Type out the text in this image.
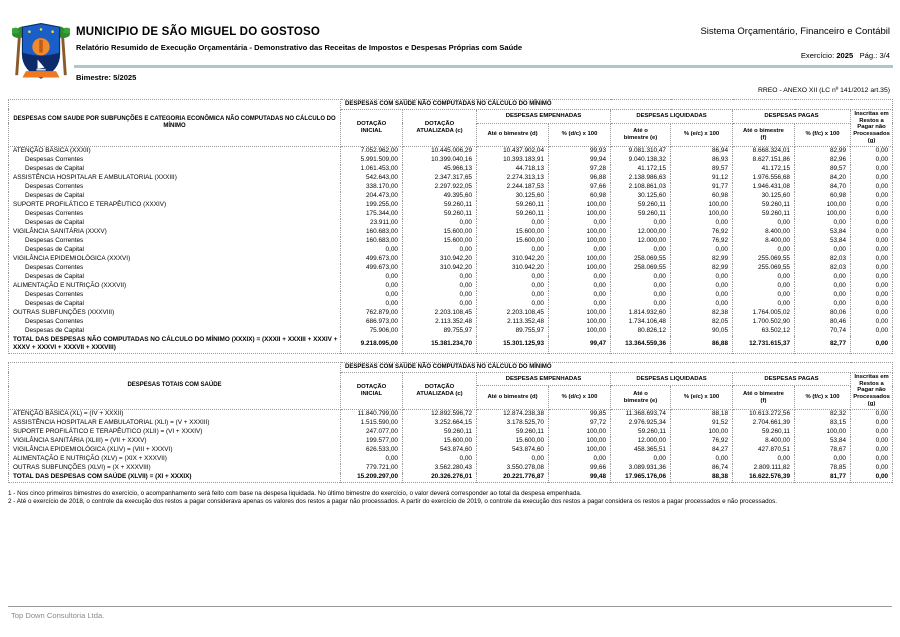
MUNICIPIO DE SÃO MIGUEL DO GOSTOSO
Relatório Resumido de Execução Orçamentária - Demonstrativo das Receitas de Impostos e Despesas Próprias com Saúde
Sistema Orçamentário, Financeiro e Contábil
Exercício: 2025 Pág.: 3/4
Bimestre: 5/2025
RREO - ANEXO XII (LC nº 141/2012 art.35)
DESPESAS COM SAUDE POR SUBFUNÇÕES E CATEGORIA ECONÔMICA NÃO COMPUTADAS NO CÁLCULO DO MÍNIMO	DESPESAS COM SAÚDE NÃO COMPUTADAS NO CÁLCULO DO MÍNIMO								
	DOTAÇÃO INICIAL	DOTAÇÃO ATUALIZADA (c)	DESPESAS EMPENHADAS		DESPESAS LIQUIDADAS		DESPESAS PAGAS		Inscritas em Restos a Pagar não Processados (g)
			Até o bimestre (d)	% (d/c) x 100	Até o bimestre (e)	% (e/c) x 100	Até o bimestre (f)	% (f/c) x 100	
ATENÇÃO BÁSICA (XXXII)	7.052.962,00	10.445.006,29	10.437.902,04	99,93	9.081.310,47	86,94	8.668.324,01	82,99	0,00
Despesas Correntes	5.991.509,00	10.399.040,16	10.393.183,91	99,94	9.040.138,32	86,93	8.627.151,86	82,96	0,00
Despesas de Capital	1.061.453,00	45.966,13	44.718,13	97,28	41.172,15	89,57	41.172,15	89,57	0,00
ASSISTÊNCIA HOSPITALAR E AMBULATORIAL (XXXIII)	542.643,00	2.347.317,65	2.274.313,13	96,88	2.138.986,63	91,12	1.976.556,68	84,20	0,00
Despesas Correntes	338.170,00	2.297.922,05	2.244.187,53	97,66	2.108.861,03	91,77	1.946.431,08	84,70	0,00
Despesas de Capital	204.473,00	49.395,60	30.125,60	60,98	30.125,60	60,98	30.125,60	60,98	0,00
SUPORTE PROFILÁTICO E TERAPÊUTICO (XXXIV)	199.255,00	59.260,11	59.260,11	100,00	59.260,11	100,00	59.260,11	100,00	0,00
Despesas Correntes	175.344,00	59.260,11	59.260,11	100,00	59.260,11	100,00	59.260,11	100,00	0,00
Despesas de Capital	23.911,00	0,00	0,00	0,00	0,00	0,00	0,00	0,00	0,00
VIGILÂNCIA SANITÁRIA (XXXV)	160.683,00	15.600,00	15.600,00	100,00	12.000,00	76,92	8.400,00	53,84	0,00
Despesas Correntes	160.683,00	15.600,00	15.600,00	100,00	12.000,00	76,92	8.400,00	53,84	0,00
Despesas de Capital	0,00	0,00	0,00	0,00	0,00	0,00	0,00	0,00	0,00
VIGILÂNCIA EPIDEMIOLÓGICA (XXXVI)	499.673,00	310.942,20	310.942,20	100,00	258.069,55	82,99	255.069,55	82,03	0,00
Despesas Correntes	499.673,00	310.942,20	310.942,20	100,00	258.069,55	82,99	255.069,55	82,03	0,00
Despesas de Capital	0,00	0,00	0,00	0,00	0,00	0,00	0,00	0,00	0,00
ALIMENTAÇÃO E NUTRIÇÃO (XXXVII)	0,00	0,00	0,00	0,00	0,00	0,00	0,00	0,00	0,00
Despesas Correntes	0,00	0,00	0,00	0,00	0,00	0,00	0,00	0,00	0,00
Despesas de Capital	0,00	0,00	0,00	0,00	0,00	0,00	0,00	0,00	0,00
OUTRAS SUBFUNÇÕES (XXXVIII)	762.879,00	2.203.108,45	2.203.108,45	100,00	1.814.932,60	82,38	1.764.005,02	80,06	0,00
Despesas Correntes	686.973,00	2.113.352,48	2.113.352,48	100,00	1.734.106,48	82,05	1.700.502,90	80,46	0,00
Despesas de Capital	75.906,00	89.755,97	89.755,97	100,00	80.826,12	90,05	63.502,12	70,74	0,00
TOTAL DAS DESPESAS NÃO COMPUTADAS NO CÁLCULO DO MÍNIMO (XXXIX) = (XXXII + XXXIII + XXXIV + XXXV + XXXVI + XXXVII + XXXVIII)	9.218.095,00	15.381.234,70	15.301.125,93	99,47	13.364.559,36	86,88	12.731.615,37	82,77	0,00
DESPESAS TOTAIS COM SAÚDE	DESPESAS COM SAÚDE NÃO COMPUTADAS NO CÁLCULO DO MÍNIMO								
	DOTAÇÃO INICIAL	DOTAÇÃO ATUALIZADA (c)	DESPESAS EMPENHADAS		DESPESAS LIQUIDADAS		DESPESAS PAGAS		Inscritas em Restos a Pagar não Processados (g)
			Até o bimestre (d)	% (d/c) x 100	Até o bimestre (e)	% (e/c) x 100	Até o bimestre (f)	% (f/c) x 100	
ATENÇÃO BÁSICA (XL) = (IV + XXXII)	11.840.799,00	12.892.596,72	12.874.238,38	99,85	11.368.693,74	88,18	10.613.272,56	82,32	0,00
ASSISTÊNCIA HOSPITALAR E AMBULATORIAL (XLI) = (V + XXXIII)	1.515.590,00	3.252.664,15	3.178.525,70	97,72	2.976.925,34	91,52	2.704.661,39	83,15	0,00
SUPORTE PROFILÁTICO E TERAPÊUTICO (XLII) = (VI + XXXIV)	247.077,00	59.260,11	59.260,11	100,00	59.260,11	100,00	59.260,11	100,00	0,00
VIGILÂNCIA SANITÁRIA (XLIII) = (VII + XXXV)	199.577,00	15.600,00	15.600,00	100,00	12.000,00	76,92	8.400,00	53,84	0,00
VIGILÂNCIA EPIDEMIOLÓGICA (XLIV) = (VIII + XXXVI)	626.533,00	543.874,60	543.874,60	100,00	458.365,51	84,27	427.870,51	78,67	0,00
ALIMENTAÇÃO E NUTRIÇÃO (XLV) = (XIX + XXXVII)	0,00	0,00	0,00	0,00	0,00	0,00	0,00	0,00	0,00
OUTRAS SUBFUNÇÕES (XLVI) = (X + XXXVIII)	779.721,00	3.562.280,43	3.550.278,08	99,66	3.089.931,36	86,74	2.809.111,82	78,85	0,00
TOTAL DAS DESPESAS COM SAÚDE (XLVII) = (XI + XXXIX)	15.209.297,00	20.326.276,01	20.221.776,87	99,48	17.965.176,06	88,38	16.622.576,39	81,77	0,00
1 - Nos cinco primeiros bimestres do exercício, o acompanhamento será feito com base na despesa liquidada. No último bimestre do exercício, o valor deverá corresponder ao total da despesa empenhada.
2 - Até o exercício de 2018, o controle da execução dos restos a pagar considerava apenas os valores dos restos a pagar não processados. A partir do exercício de 2019, o controle da execução dos restos a pagar considera os restos a pagar processados e não processados.
Top Down Consultoria Ltda.
